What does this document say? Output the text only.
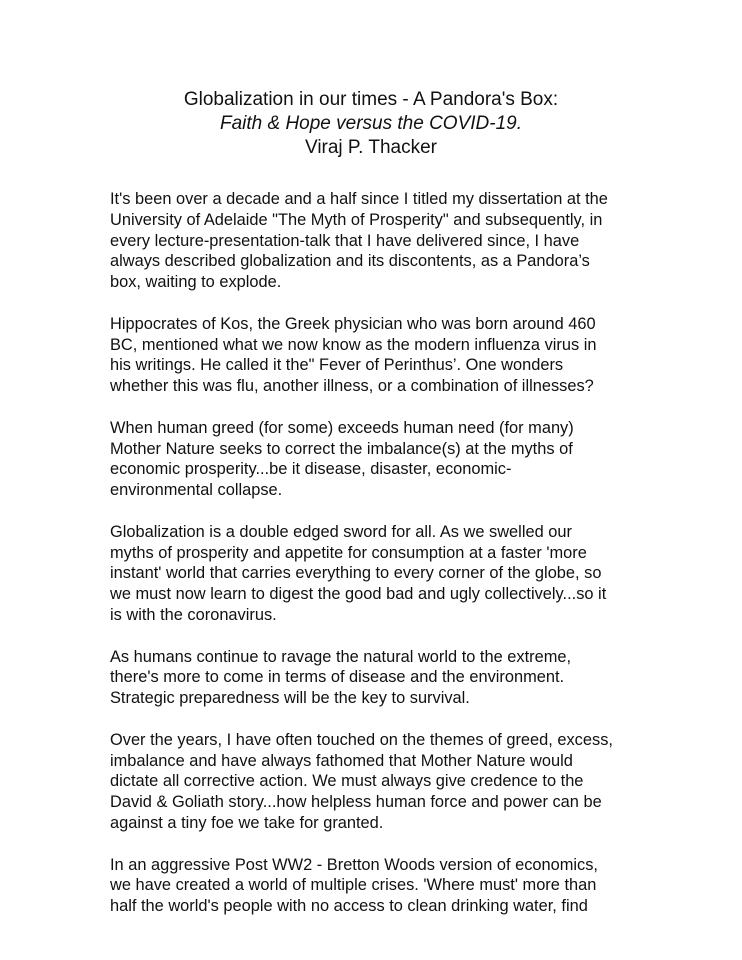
Globalization in our times - A Pandora's Box:
Faith & Hope versus the COVID-19.
Viraj P. Thacker

It's been over a decade and a half since I titled my dissertation at the
University of Adelaide "The Myth of Prosperity" and subsequently, in
every lecture-presentation-talk that I have delivered since, I have
always described globalization and its discontents, as a Pandora’s
box, waiting to explode.

Hippocrates of Kos, the Greek physician who was born around 460
BC, mentioned what we now know as the modern influenza virus in
his writings. He called it the" Fever of Perinthus’. One wonders
whether this was flu, another illness, or a combination of illnesses?

When human greed (for some) exceeds human need (for many)
Mother Nature seeks to correct the imbalance(s) at the myths of
economic prosperity...be it disease, disaster, economic-
environmental collapse.

Globalization is a double edged sword for all. As we swelled our
myths of prosperity and appetite for consumption at a faster 'more
instant' world that carries everything to every corner of the globe, so
we must now learn to digest the good bad and ugly collectively...so it
is with the coronavirus.

As humans continue to ravage the natural world to the extreme,
there's more to come in terms of disease and the environment.
Strategic preparedness will be the key to survival.

Over the years, I have often touched on the themes of greed, excess,
imbalance and have always fathomed that Mother Nature would
dictate all corrective action. We must always give credence to the
David & Goliath story...how helpless human force and power can be
against a tiny foe we take for granted.

In an aggressive Post WW2 - Bretton Woods version of economics,
we have created a world of multiple crises. 'Where must' more than
half the world's people with no access to clean drinking water, find
